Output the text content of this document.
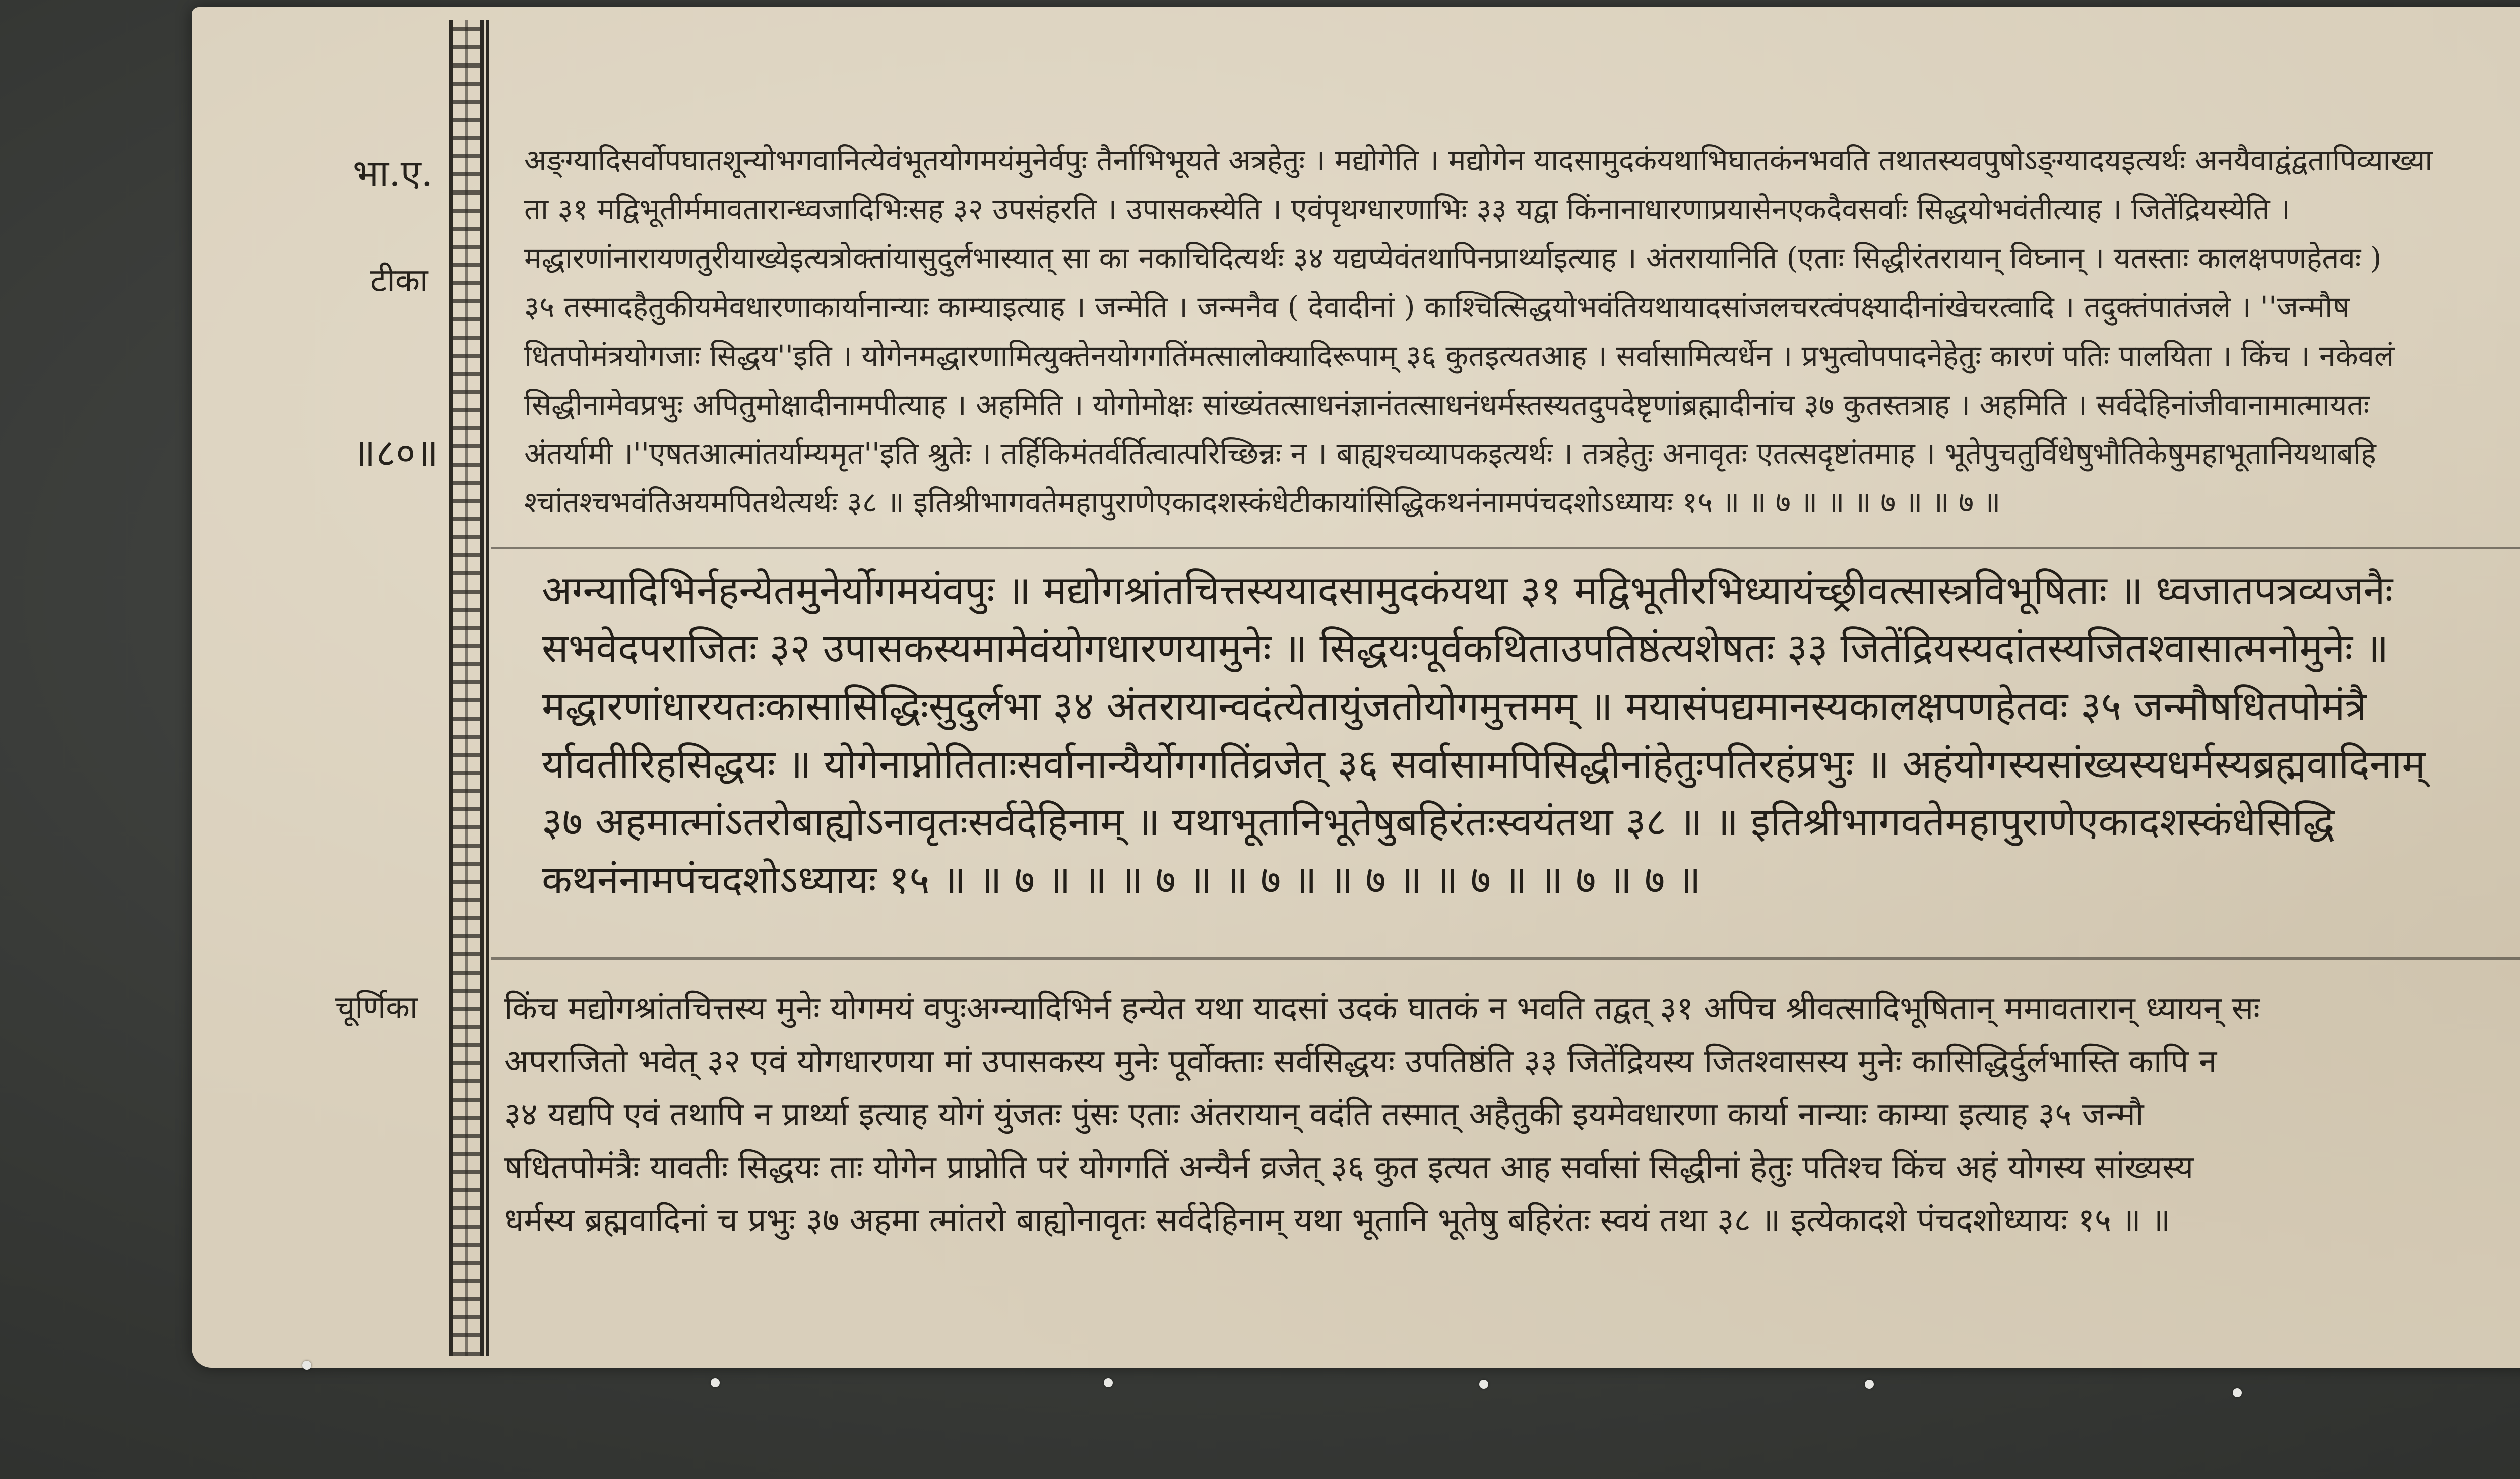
भा.ए.
टीका
॥८०॥
चूर्णिका
अङ्ग्यादिसर्वोपघातशून्योभगवानित्येवंभूतयोगमयंमुनेर्वपुः तैर्नाभिभूयते अत्रहेतुः । मद्योगेति । मद्योगेन यादसामुदकंयथाभिघातकंनभवति तथातस्यवपुषोऽङ्ग्यादयइत्यर्थः अनयैवाद्वंद्वतापिव्याख्या
ता ३१ मद्विभूतीर्ममावतारान्ध्वजादिभिःसह ३२ उपसंहरति । उपासकस्येति । एवंपृथग्धारणाभिः ३३ यद्वा किंनानाधारणाप्रयासेनएकदैवसर्वाः सिद्धयोभवंतीत्याह । जितेंद्रियस्येति ।
मद्धारणांनारायणतुरीयाख्येइत्यत्रोक्तांयासुदुर्लभास्यात् सा का नकाचिदित्यर्थः ३४ यद्यप्येवंतथापिनप्रार्थ्याइत्याह । अंतरायानिति (एताः सिद्धीरंतरायान् विघ्नान् । यतस्ताः कालक्षपणहेतवः )
३५ तस्मादहैतुकीयमेवधारणाकार्यानान्याः काम्याइत्याह । जन्मेति । जन्मनैव ( देवादीनां ) काश्चित्सिद्धयोभवंतियथायादसांजलचरत्वंपक्ष्यादीनांखेचरत्वादि । तदुक्तंपातंजले । ''जन्मौष
धितपोमंत्रयोगजाः सिद्धय''इति । योगेनमद्धारणामित्युक्तेनयोगगतिंमत्सालोक्यादिरूपाम् ३६ कुतइत्यतआह । सर्वासामित्यर्धेन । प्रभुत्वोपपादनेहेतुः कारणं पतिः पालयिता । किंच । नकेवलं
सिद्धीनामेवप्रभुः अपितुमोक्षादीनामपीत्याह । अहमिति । योगोमोक्षः सांख्यंतत्साधनंज्ञानंतत्साधनंधर्मस्तस्यतदुपदेष्टृणांब्रह्मादीनांच ३७ कुतस्तत्राह । अहमिति । सर्वदेहिनांजीवानामात्मायतः
अंतर्यामी ।''एषतआत्मांतर्याम्यमृत''इति श्रुतेः । तर्हिकिमंतर्वर्तित्वात्परिच्छिन्नः न । बाह्यश्चव्यापकइत्यर्थः । तत्रहेतुः अनावृतः एतत्सदृष्टांतमाह । भूतेपुचतुर्विधेषुभौतिकेषुमहाभूतानियथाबहि
श्चांतश्चभवंतिअयमपितथेत्यर्थः ३८ ॥ इतिश्रीभागवतेमहापुराणेएकादशस्कंधेटीकायांसिद्धिकथनंनामपंचदशोऽध्यायः १५ ॥ ॥ ७ ॥ ॥ ॥ ७ ॥ ॥ ७ ॥
अग्न्यादिभिर्नहन्येतमुनेर्योगमयंवपुः ॥ मद्योगश्रांतचित्तस्ययादसामुदकंयथा ३१ मद्विभूतीरभिध्यायंच्छ्रीवत्सास्त्रविभूषिताः ॥ ध्वजातपत्रव्यजनैः
सभवेदपराजितः ३२ उपासकस्यमामेवंयोगधारणयामुनेः ॥ सिद्धयःपूर्वकथिताउपतिष्ठंत्यशेषतः ३३ जितेंद्रियस्यदांतस्यजितश्वासात्मनोमुनेः ॥
मद्धारणांधारयतःकासासिद्धिःसुदुर्लभा ३४ अंतरायान्वदंत्येतायुंजतोयोगमुत्तमम् ॥ मयासंपद्यमानस्यकालक्षपणहेतवः ३५ जन्मौषधितपोमंत्रै
र्यावतीरिहसिद्धयः ॥ योगेनाप्नोतिताःसर्वानान्यैर्योगगतिंव्रजेत् ३६ सर्वासामपिसिद्धीनांहेतुःपतिरहंप्रभुः ॥ अहंयोगस्यसांख्यस्यधर्मस्यब्रह्मवादिनाम्
३७ अहमात्मांऽतरोबाह्योऽनावृतःसर्वदेहिनाम् ॥ यथाभूतानिभूतेषुबहिरंतःस्वयंतथा ३८ ॥ ॥ इतिश्रीभागवतेमहापुराणेएकादशस्कंधेसिद्धि
कथनंनामपंचदशोऽध्यायः १५ ॥ ॥ ७ ॥ ॥ ॥ ७ ॥ ॥ ७ ॥ ॥ ७ ॥ ॥ ७ ॥ ॥ ७ ॥ ७ ॥
किंच मद्योगश्रांतचित्तस्य मुनेः योगमयं वपुःअग्न्यादिभिर्न हन्येत यथा यादसां उदकं घातकं न भवति तद्वत् ३१ अपिच श्रीवत्सादिभूषितान् ममावतारान् ध्यायन् सः
अपराजितो भवेत् ३२ एवं योगधारणया मां उपासकस्य मुनेः पूर्वोक्ताः सर्वसिद्धयः उपतिष्ठंति ३३ जितेंद्रियस्य जितश्वासस्य मुनेः कासिद्धिर्दुर्लभास्ति कापि न
३४ यद्यपि एवं तथापि न प्रार्थ्या इत्याह योगं युंजतः पुंसः एताः अंतरायान् वदंति तस्मात् अहैतुकी इयमेवधारणा कार्या नान्याः काम्या इत्याह ३५ जन्मौ
षधितपोमंत्रैः यावतीः सिद्धयः ताः योगेन प्राप्नोति परं योगगतिं अन्यैर्न व्रजेत् ३६ कुत इत्यत आह सर्वासां सिद्धीनां हेतुः पतिश्च किंच अहं योगस्य सांख्यस्य
धर्मस्य ब्रह्मवादिनां च प्रभुः ३७ अहमा त्मांतरो बाह्योनावृतः सर्वदेहिनाम् यथा भूतानि भूतेषु बहिरंतः स्वयं तथा ३८ ॥ इत्येकादशे पंचदशोध्यायः १५ ॥ ॥
